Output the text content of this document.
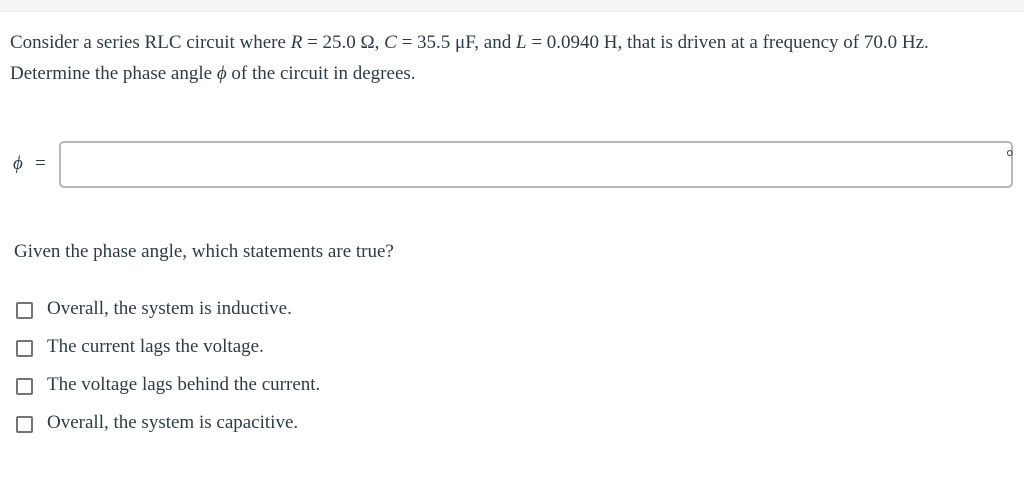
Consider a series RLC circuit where R = 25.0 Ω, C = 35.5 μF, and L = 0.0940 H, that is driven at a frequency of 70.0 Hz.
Determine the phase angle ϕ of the circuit in degrees.
ϕ =	°
Given the phase angle, which statements are true?
Overall, the system is inductive.
The current lags the voltage.
The voltage lags behind the current.
Overall, the system is capacitive.
